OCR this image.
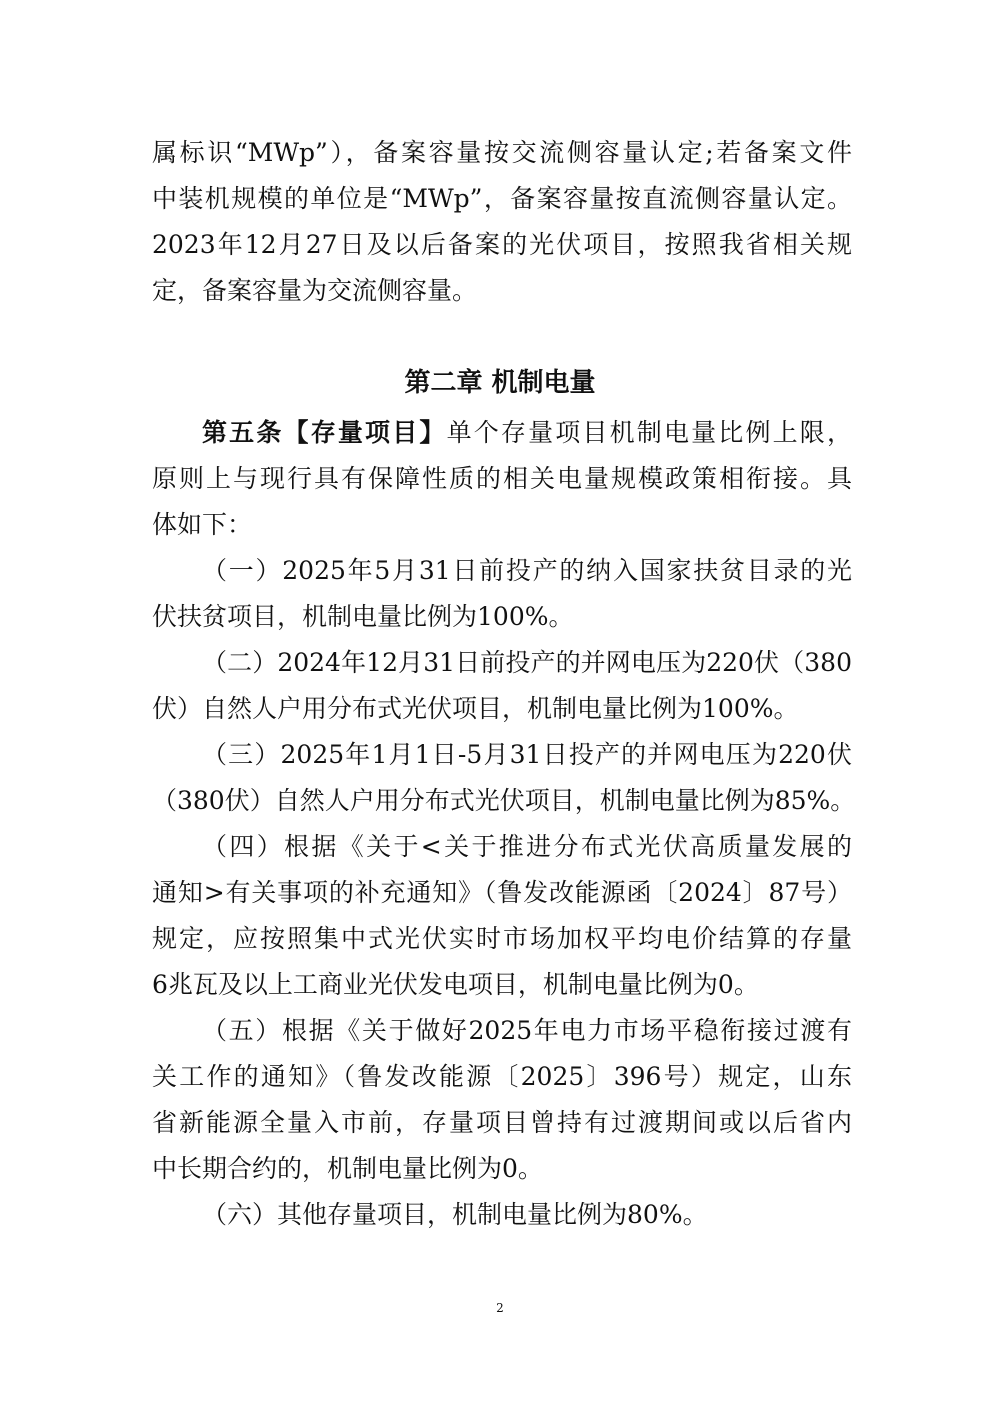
属标识“MWp”），备案容量按交流侧容量认定;若备案文件
中装机规模的单位是“MWp”，备案容量按直流侧容量认定。
2023年12月27日及以后备案的光伏项目，按照我省相关规
定，备案容量为交流侧容量。
第二章 机制电量
第五条【存量项目】单个存量项目机制电量比例上限，
原则上与现行具有保障性质的相关电量规模政策相衔接。具
体如下：
（一）2025年5月31日前投产的纳入国家扶贫目录的光
伏扶贫项目，机制电量比例为100%。
（二）2024年12月31日前投产的并网电压为220伏（380
伏）自然人户用分布式光伏项目，机制电量比例为100%。
（三）2025年1月1日-5月31日投产的并网电压为220伏
（380伏）自然人户用分布式光伏项目，机制电量比例为85%。
（四）根据《关于<关于推进分布式光伏高质量发展的
通知>有关事项的补充通知》（鲁发改能源函〔2024〕87号）
规定，应按照集中式光伏实时市场加权平均电价结算的存量
6兆瓦及以上工商业光伏发电项目，机制电量比例为0。
（五）根据《关于做好2025年电力市场平稳衔接过渡有
关工作的通知》（鲁发改能源〔2025〕396号）规定，山东
省新能源全量入市前，存量项目曾持有过渡期间或以后省内
中长期合约的，机制电量比例为0。
（六）其他存量项目，机制电量比例为80%。
2
